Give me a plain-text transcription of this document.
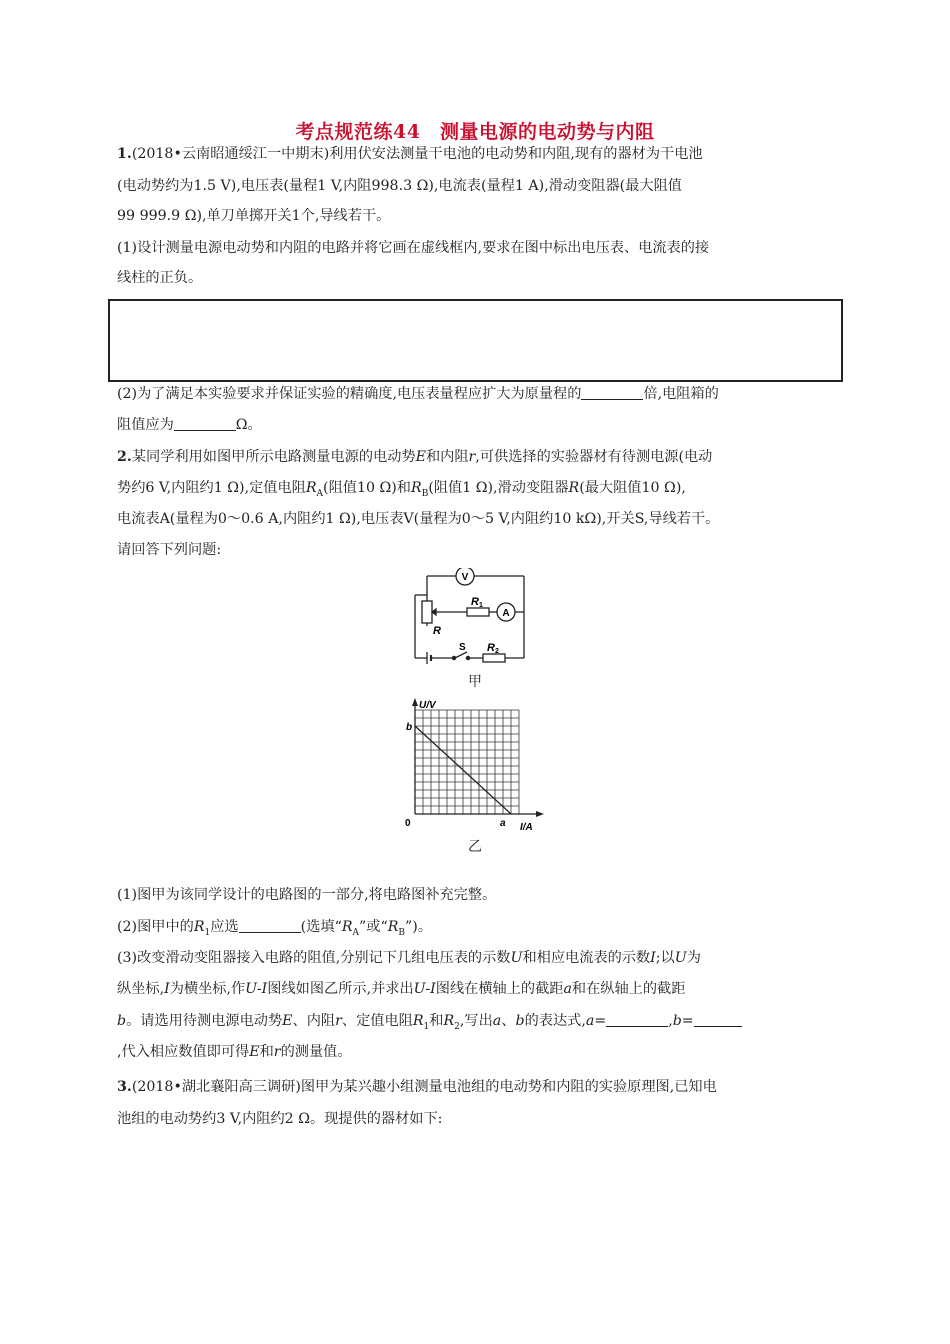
考点规范练44　测量电源的电动势与内阻
1.(2018•云南昭通绥江一中期末)利用伏安法测量干电池的电动势和内阻,现有的器材为干电池
(电动势约为1.5 V),电压表(量程1 V,内阻998.3 Ω),电流表(量程1 A),滑动变阻器(最大阻值
99 999.9 Ω),单刀单掷开关1个,导线若干。
(1)设计测量电源电动势和内阻的电路并将它画在虚线框内,要求在图中标出电压表、电流表的接
线柱的正负。
(2)为了满足本实验要求并保证实验的精确度,电压表量程应扩大为原量程的	倍,电阻箱的
阻值应为	Ω。
2.某同学利用如图甲所示电路测量电源的电动势E和内阻r,可供选择的实验器材有待测电源(电动
势约6 V,内阻约1 Ω),定值电阻$R_A$(阻值10 Ω)和$R_B$(阻值1 Ω),滑动变阻器R(最大阻值10 Ω),
电流表A(量程为0～0.6 A,内阻约1 Ω),电压表V(量程为0～5 V,内阻约10 kΩ),开关S,导线若干。
请回答下列问题:
V
A
R
R 1
R 2
S
甲
U/V
I/A
0
b
a
乙
(1)图甲为该同学设计的电路图的一部分,将电路图补充完整。
(2)图甲中的$R_1$应选	(选填“$R_A$”或“$R_B$”)。
(3)改变滑动变阻器接入电路的阻值,分别记下几组电压表的示数U和相应电流表的示数I;以U为
纵坐标,I为横坐标,作U-I图线如图乙所示,并求出U-I图线在横轴上的截距a和在纵轴上的截距
b。请选用待测电源电动势E、内阻r、定值电阻$R_1$和$R_2$,写出a、b的表达式,a=	,b=
,代入相应数值即可得E和r的测量值。
3.(2018•湖北襄阳高三调研)图甲为某兴趣小组测量电池组的电动势和内阻的实验原理图,已知电
池组的电动势约3 V,内阻约2 Ω。现提供的器材如下:
